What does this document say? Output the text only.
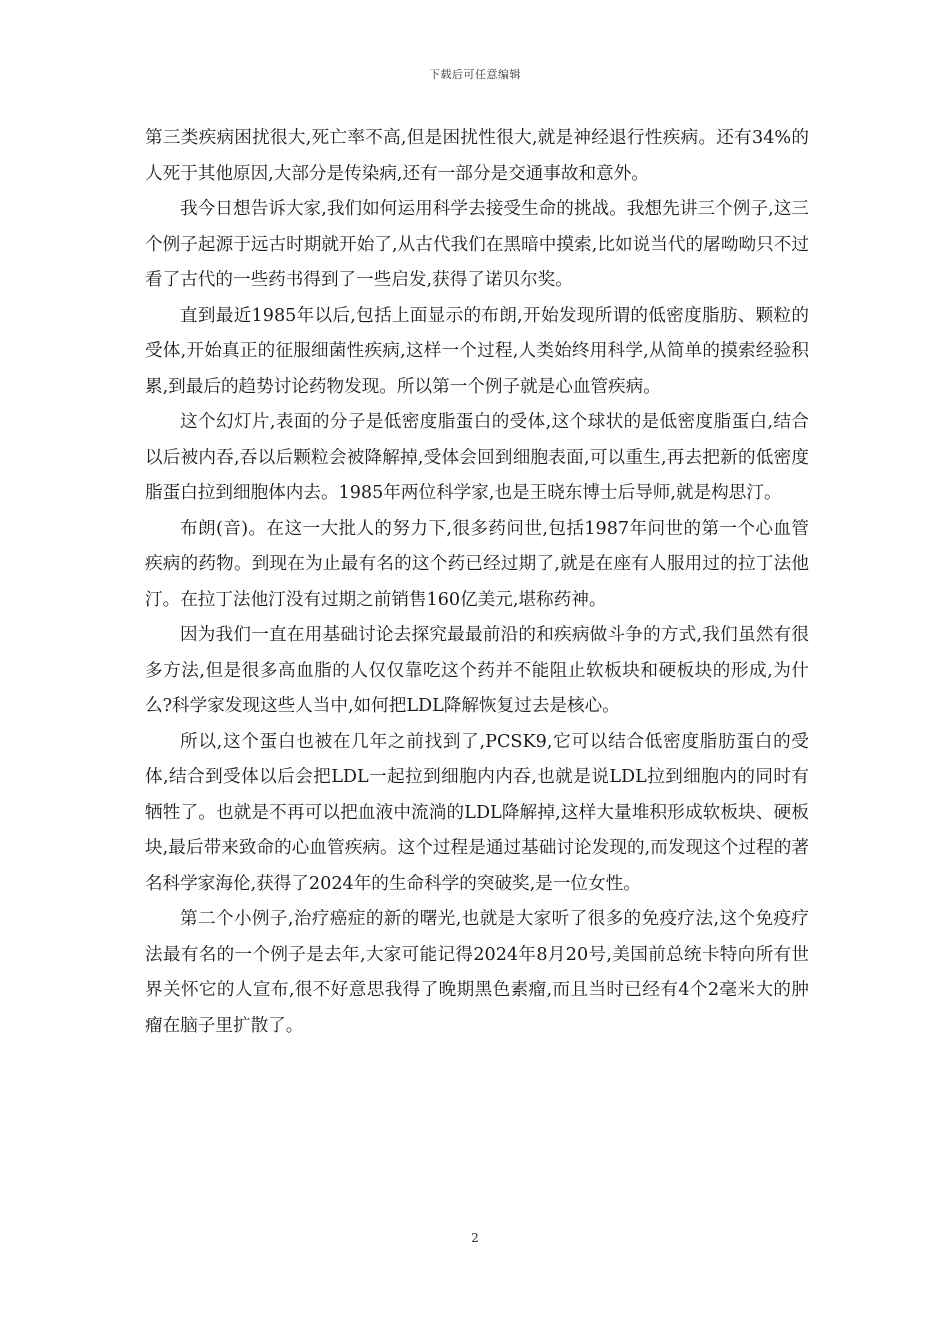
下载后可任意编辑

第三类疾病困扰很大,死亡率不高,但是困扰性很大,就是神经退行性疾病。还有34%的人死于其他原因,大部分是传染病,还有一部分是交通事故和意外。

我今日想告诉大家,我们如何运用科学去接受生命的挑战。我想先讲三个例子,这三个例子起源于远古时期就开始了,从古代我们在黑暗中摸索,比如说当代的屠呦呦只不过看了古代的一些药书得到了一些启发,获得了诺贝尔奖。

直到最近1985年以后,包括上面显示的布朗,开始发现所谓的低密度脂肪、颗粒的受体,开始真正的征服细菌性疾病,这样一个过程,人类始终用科学,从简单的摸索经验积累,到最后的趋势讨论药物发现。所以第一个例子就是心血管疾病。

这个幻灯片,表面的分子是低密度脂蛋白的受体,这个球状的是低密度脂蛋白,结合以后被内吞,吞以后颗粒会被降解掉,受体会回到细胞表面,可以重生,再去把新的低密度脂蛋白拉到细胞体内去。1985年两位科学家,也是王晓东博士后导师,就是构思汀。

布朗(音)。在这一大批人的努力下,很多药问世,包括1987年问世的第一个心血管疾病的药物。到现在为止最有名的这个药已经过期了,就是在座有人服用过的拉丁法他汀。在拉丁法他汀没有过期之前销售160亿美元,堪称药神。

因为我们一直在用基础讨论去探究最最前沿的和疾病做斗争的方式,我们虽然有很多方法,但是很多高血脂的人仅仅靠吃这个药并不能阻止软板块和硬板块的形成,为什么?科学家发现这些人当中,如何把LDL降解恢复过去是核心。

所以,这个蛋白也被在几年之前找到了,PCSK9,它可以结合低密度脂肪蛋白的受体,结合到受体以后会把LDL一起拉到细胞内内吞,也就是说LDL拉到细胞内的同时有牺牲了。也就是不再可以把血液中流淌的LDL降解掉,这样大量堆积形成软板块、硬板块,最后带来致命的心血管疾病。这个过程是通过基础讨论发现的,而发现这个过程的著名科学家海伦,获得了2024年的生命科学的突破奖,是一位女性。

第二个小例子,治疗癌症的新的曙光,也就是大家听了很多的免疫疗法,这个免疫疗法最有名的一个例子是去年,大家可能记得2024年8月20号,美国前总统卡特向所有世界关怀它的人宣布,很不好意思我得了晚期黑色素瘤,而且当时已经有4个2毫米大的肿瘤在脑子里扩散了。

2
